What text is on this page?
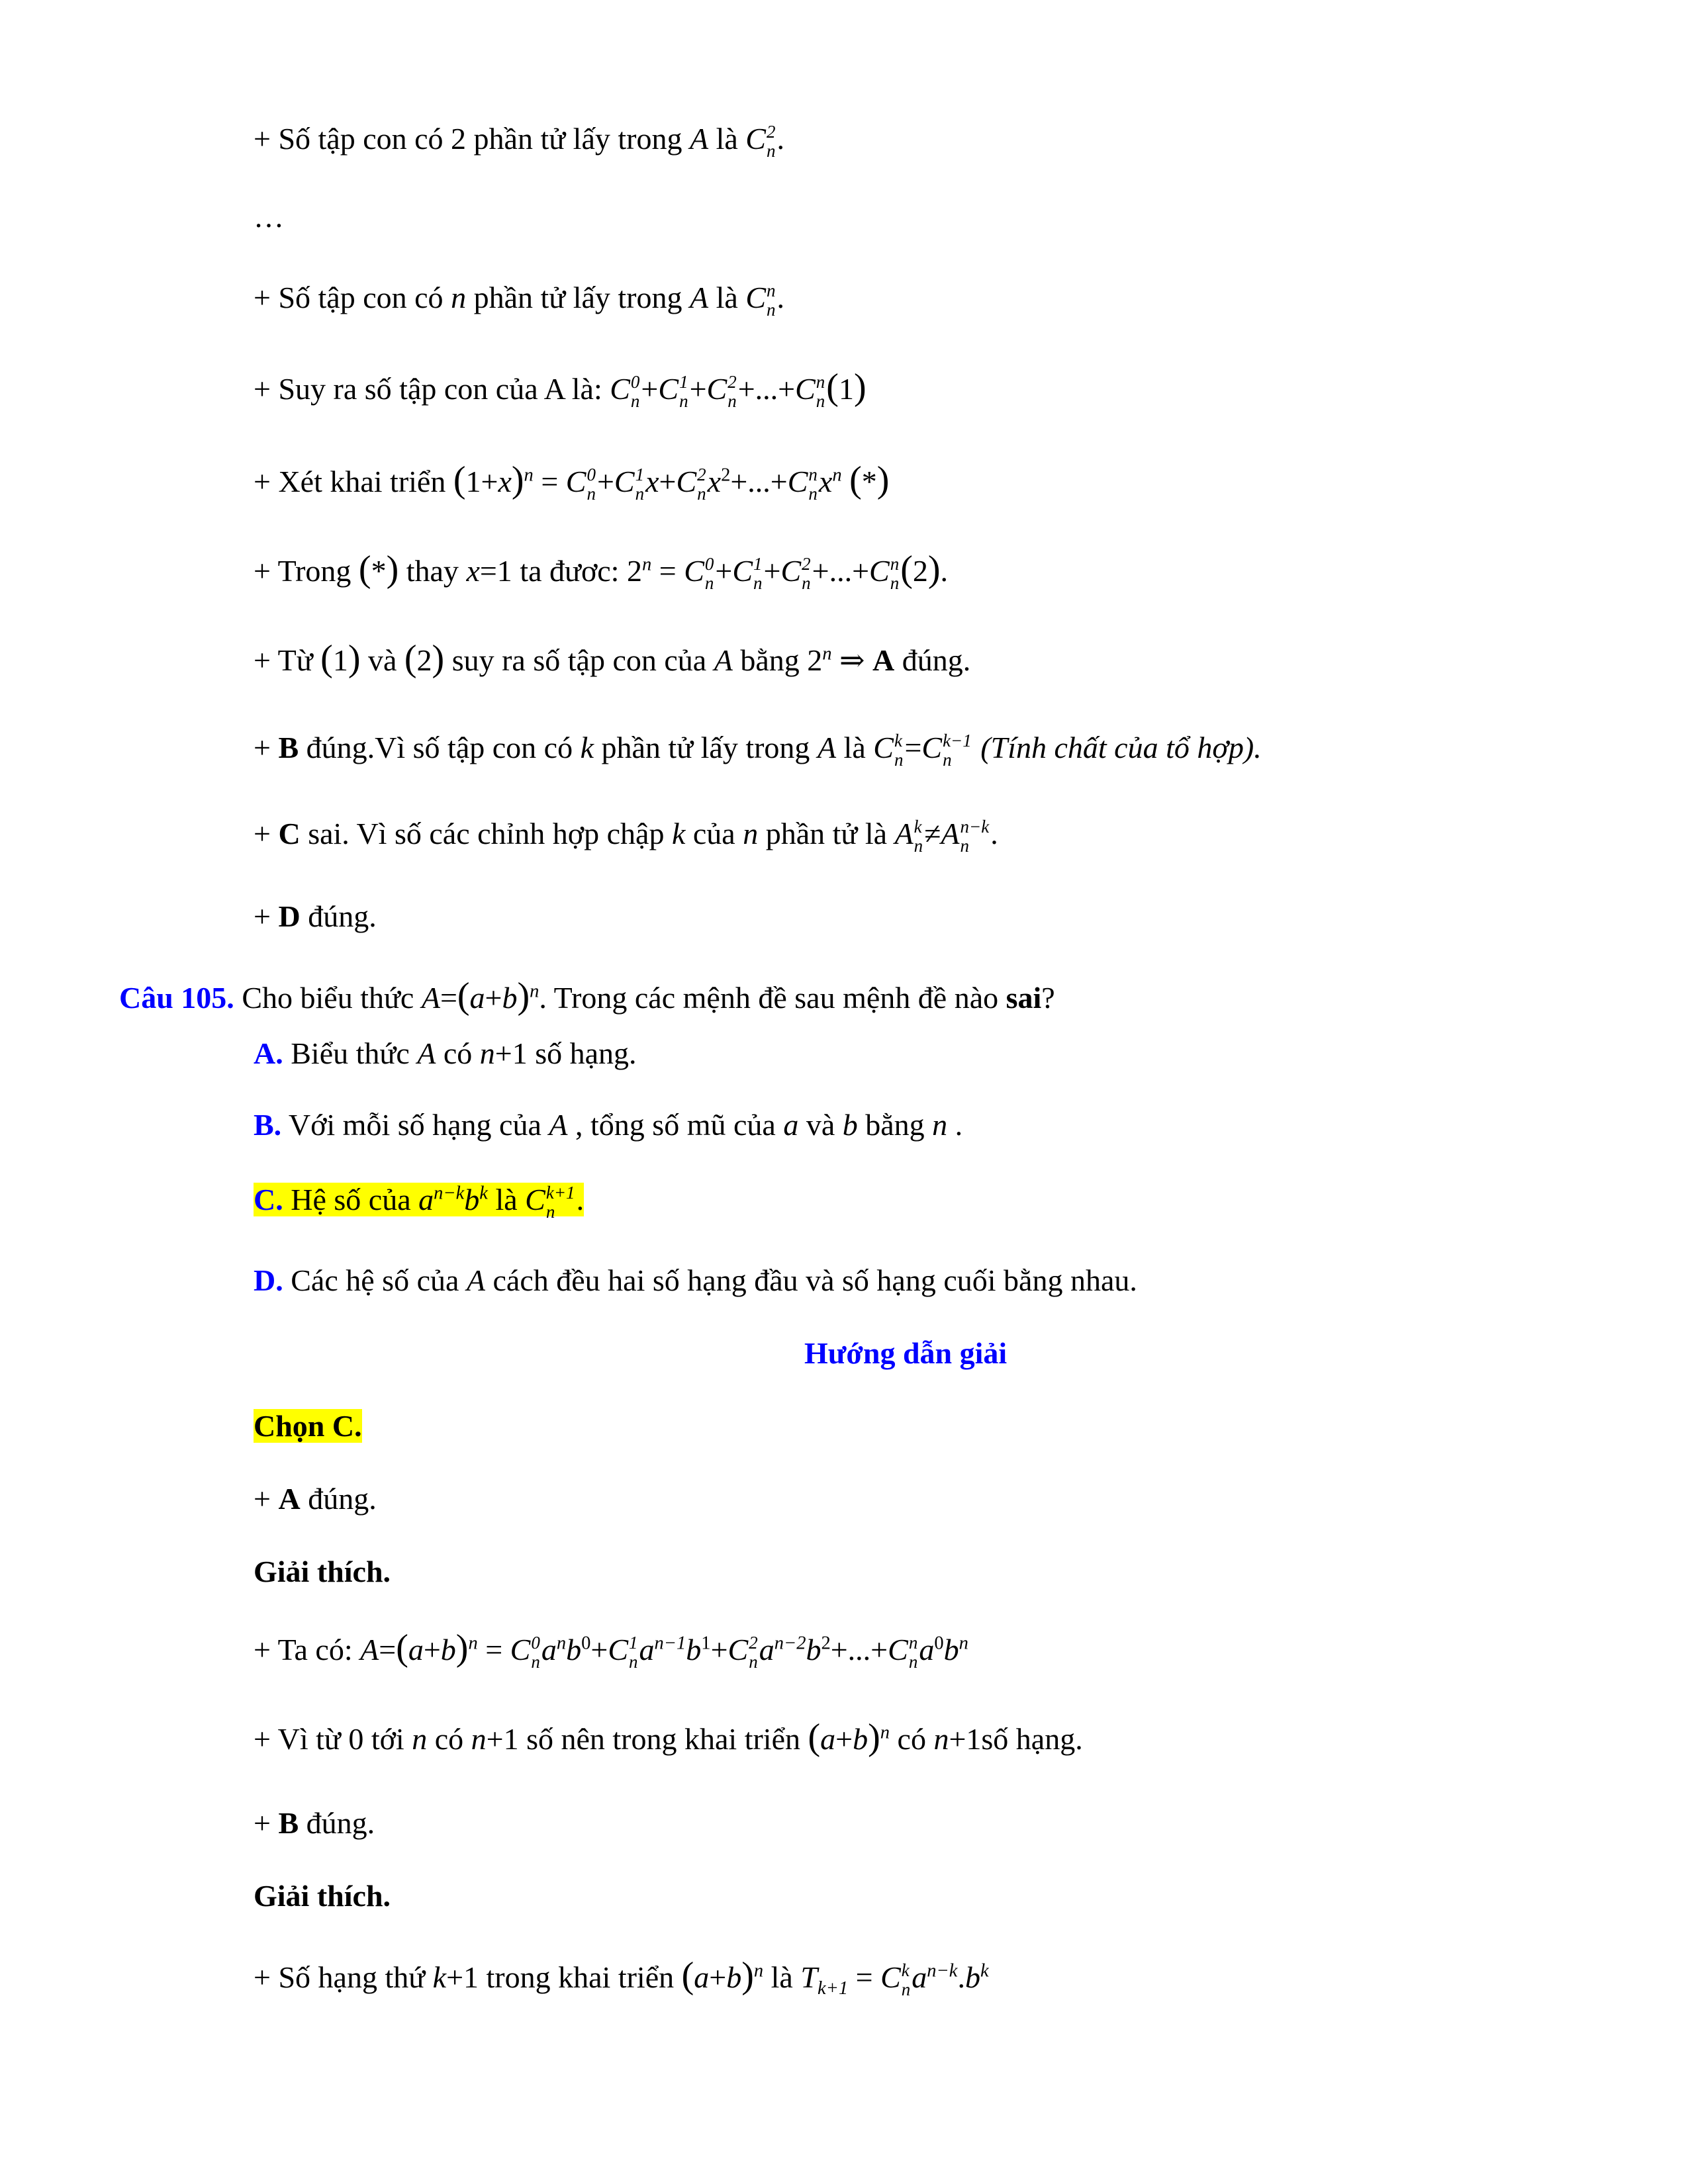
+ Số tập con có 2 phần tử lấy trong A là C 2
n .
…
+ Số tập con có n phần tử lấy trong A là C n
n .
+ Suy ra số tập con của A là: C 0
n +C 1
n +C 2
n +...+C n
n (1)
+ Xét khai triển $(1+x)^n = C$ 0
n +C 1
n x+C 2
n $x^2+...+C$ n
n $x^n$ (*)
+ Trong (*) thay x=1 ta đươc: $2^n = C$ 0
n +C 1
n +C 2
n +...+C n
n (2).
+ Từ (1) và (2) suy ra số tập con của A bằng 2$^n$ ⇒ A đúng.
+ B đúng.Vì số tập con có k phần tử lấy trong A là C k
n =C k−1
n (Tính chất của tổ hợp).
+ C sai. Vì số các chỉnh hợp chập k của n phần tử là A k
n ≠A n−k
n .
+ D đúng.
Câu 105. Cho biểu thức $A=(a+b)^n$. Trong các mệnh đề sau mệnh đề nào sai?
A. Biểu thức A có n+1 số hạng.
B. Với mỗi số hạng của A , tổng số mũ của a và b bằng n .
C. Hệ số của $a^{n-k}b^k$ là C k+1
n .
D. Các hệ số của A cách đều hai số hạng đầu và số hạng cuối bằng nhau.
Hướng dẫn giải
Chọn C.
+ A đúng.
Giải thích.
+ Ta có: $A=(a+b)^n = C$ 0
n $a^nb^0+C$ 1
n $a^{n-1}b^1+C$ 2
n $a^{n-2}b^2+...+C$ n
n $a^0b^n$
+ Vì từ 0 tới n có n+1 số nên trong khai triển $(a+b)^n$ có n+1số hạng.
+ B đúng.
Giải thích.
+ Số hạng thứ k+1 trong khai triển $(a+b)^n$ là $T_{k+1} = C$ k
n $a^{n-k}.b^k$
